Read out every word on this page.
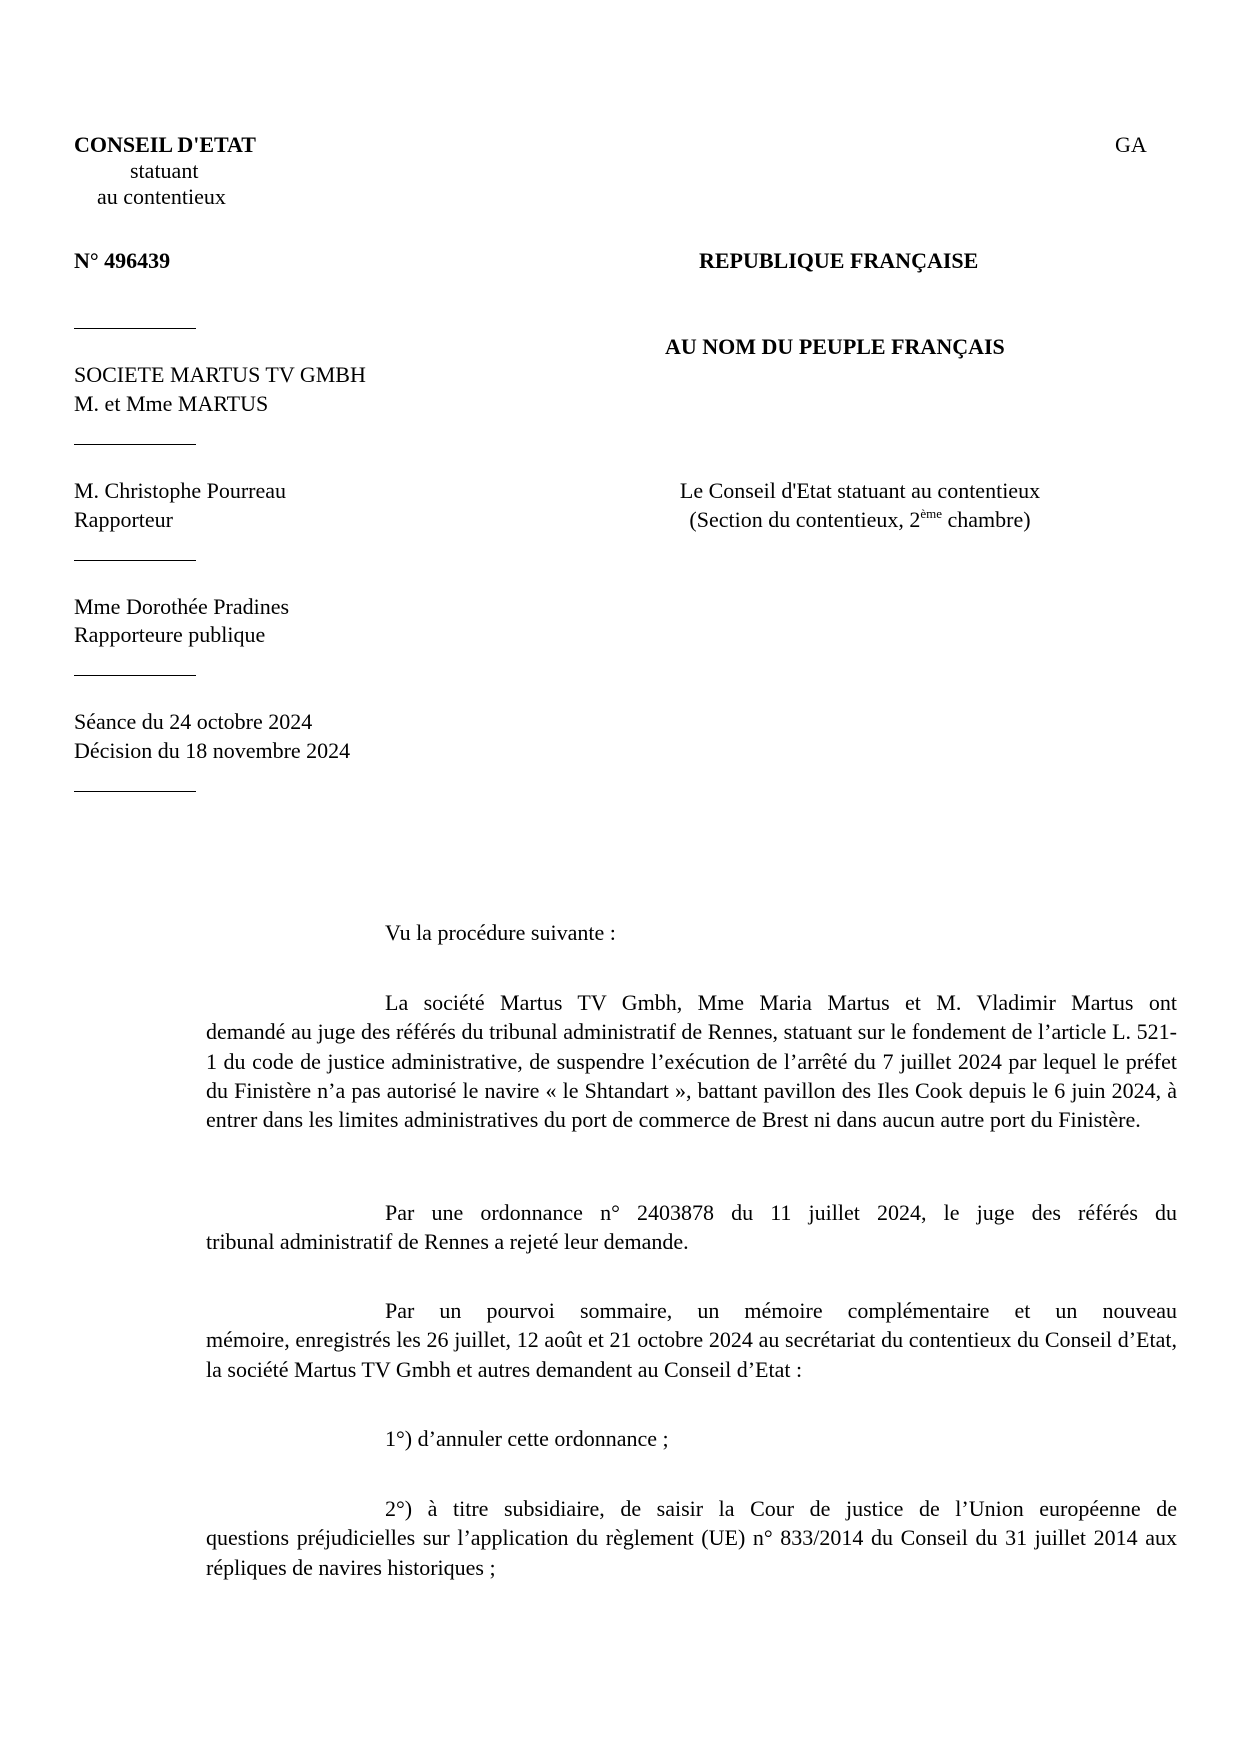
CONSEIL D'ETAT
statuant
au contentieux
GA
N° 496439	REPUBLIQUE FRANÇAISE
AU NOM DU PEUPLE FRANÇAIS
SOCIETE MARTUS TV GMBH
M. et Mme MARTUS
M. Christophe Pourreau
Rapporteur
Mme Dorothée Pradines
Rapporteure publique
Séance du 24 octobre 2024
Décision du 18 novembre 2024
Le Conseil d'Etat statuant au contentieux
(Section du contentieux, 2ème chambre)
Vu la procédure suivante :
La société Martus TV Gmbh, Mme Maria Martus et M. Vladimir Martus ont
demandé au juge des référés du tribunal administratif de Rennes, statuant sur le fondement de l’article L. 521-1 du code de justice administrative, de suspendre l’exécution de l’arrêté du 7 juillet 2024 par lequel le préfet du Finistère n’a pas autorisé le navire « le Shtandart », battant pavillon des Iles Cook depuis le 6 juin 2024, à entrer dans les limites administratives du port de commerce de Brest ni dans aucun autre port du Finistère.
Par une ordonnance n° 2403878 du 11 juillet 2024, le juge des référés du
tribunal administratif de Rennes a rejeté leur demande.
Par un pourvoi sommaire, un mémoire complémentaire et un nouveau
mémoire, enregistrés les 26 juillet, 12 août et 21 octobre 2024 au secrétariat du contentieux du Conseil d’Etat, la société Martus TV Gmbh et autres demandent au Conseil d’Etat :
1°) d’annuler cette ordonnance ;
2°) à titre subsidiaire, de saisir la Cour de justice de l’Union européenne de
questions préjudicielles sur l’application du règlement (UE) n° 833/2014 du Conseil du 31 juillet 2014 aux répliques de navires historiques ;
